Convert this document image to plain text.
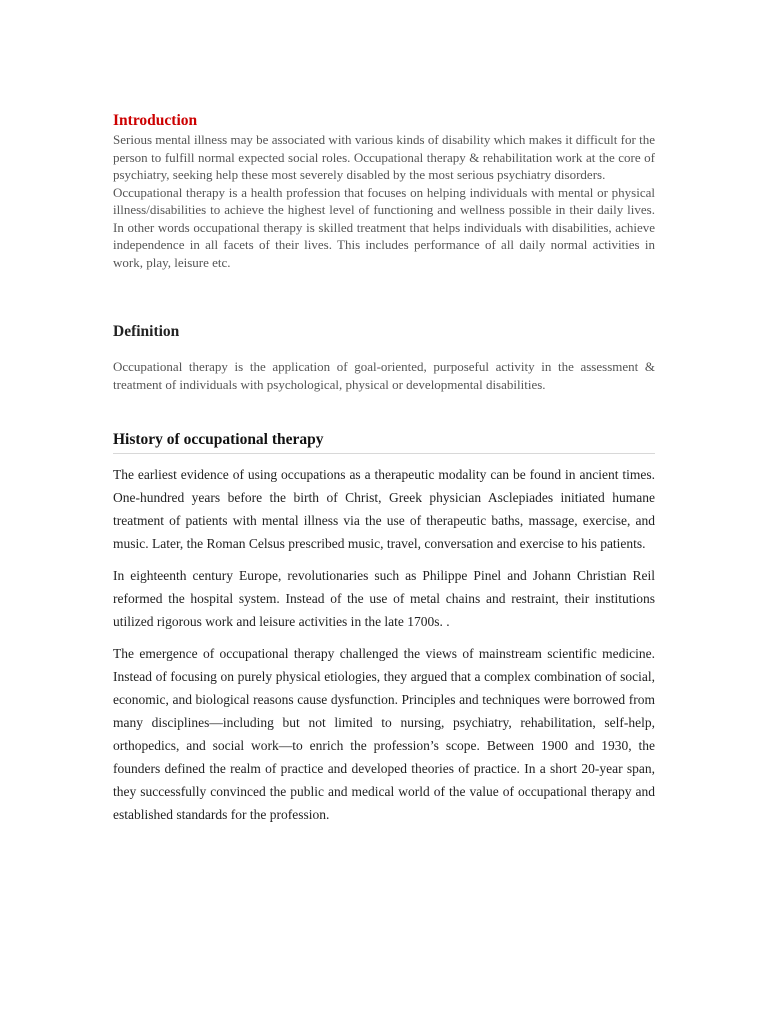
Introduction

Serious mental illness may be associated with various kinds of disability which makes it difficult for the person to fulfill normal expected social roles. Occupational therapy & rehabilitation work at the core of psychiatry, seeking help these most severely disabled by the most serious psychiatry disorders.

Occupational therapy is a health profession that focuses on helping individuals with mental or physical illness/disabilities to achieve the highest level of functioning and wellness possible in their daily lives. In other words occupational therapy is skilled treatment that helps individuals with disabilities, achieve independence in all facets of their lives. This includes performance of all daily normal activities in work, play, leisure etc.

Definition

Occupational therapy is the application of goal-oriented, purposeful activity in the assessment & treatment of individuals with psychological, physical or developmental disabilities.

History of occupational therapy

The earliest evidence of using occupations as a therapeutic modality can be found in ancient times. One-hundred years before the birth of Christ, Greek physician Asclepiades initiated humane treatment of patients with mental illness via the use of therapeutic baths, massage, exercise, and music. Later, the Roman Celsus prescribed music, travel, conversation and exercise to his patients.

In eighteenth century Europe, revolutionaries such as Philippe Pinel and Johann Christian Reil reformed the hospital system. Instead of the use of metal chains and restraint, their institutions utilized rigorous work and leisure activities in the late 1700s. .

The emergence of occupational therapy challenged the views of mainstream scientific medicine. Instead of focusing on purely physical etiologies, they argued that a complex combination of social, economic, and biological reasons cause dysfunction. Principles and techniques were borrowed from many disciplines—including but not limited to nursing, psychiatry, rehabilitation, self-help, orthopedics, and social work—to enrich the profession’s scope. Between 1900 and 1930, the founders defined the realm of practice and developed theories of practice. In a short 20-year span, they successfully convinced the public and medical world of the value of occupational therapy and established standards for the profession.
